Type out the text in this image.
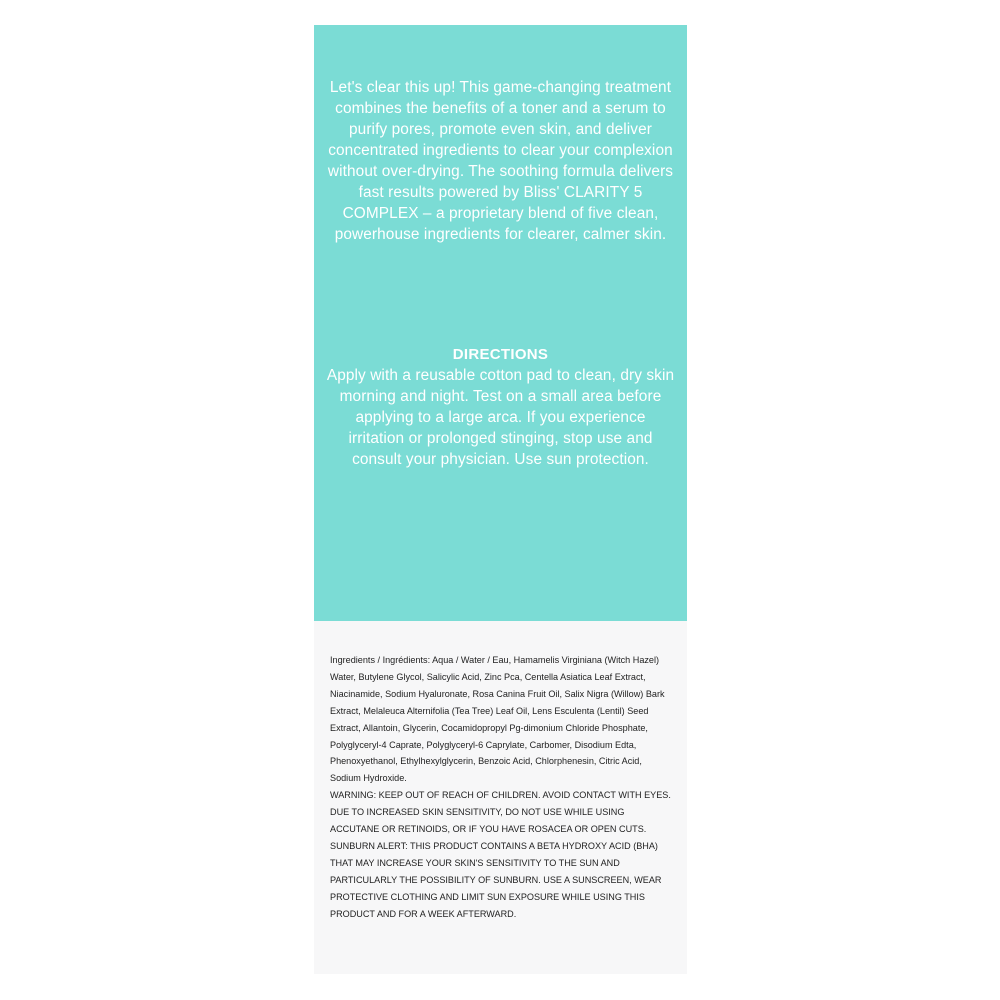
Let's clear this up! This game-changing treatment combines the benefits of a toner and a serum to purify pores, promote even skin, and deliver concentrated ingredients to clear your complexion without over-drying. The soothing formula delivers fast results powered by Bliss' CLARITY 5 COMPLEX – a proprietary blend of five clean, powerhouse ingredients for clearer, calmer skin.

DIRECTIONS

Apply with a reusable cotton pad to clean, dry skin morning and night. Test on a small area before applying to a large arca. If you experience irritation or prolonged stinging, stop use and consult your physician. Use sun protection.

Ingredients / Ingrédients: Aqua / Water / Eau, Hamamelis Virginiana (Witch Hazel) Water, Butylene Glycol, Salicylic Acid, Zinc Pca, Centella Asiatica Leaf Extract, Niacinamide, Sodium Hyaluronate, Rosa Canina Fruit Oil, Salix Nigra (Willow) Bark Extract, Melaleuca Alternifolia (Tea Tree) Leaf Oil, Lens Esculenta (Lentil) Seed Extract, Allantoin, Glycerin, Cocamidopropyl Pg-dimonium Chloride Phosphate, Polyglyceryl-4 Caprate, Polyglyceryl-6 Caprylate, Carbomer, Disodium Edta, Phenoxyethanol, Ethylhexylglycerin, Benzoic Acid, Chlorphenesin, Citric Acid, Sodium Hydroxide.

WARNING: KEEP OUT OF REACH OF CHILDREN. AVOID CONTACT WITH EYES. DUE TO INCREASED SKIN SENSITIVITY, DO NOT USE WHILE USING ACCUTANE OR RETINOIDS, OR IF YOU HAVE ROSACEA OR OPEN CUTS.

SUNBURN ALERT: THIS PRODUCT CONTAINS A BETA HYDROXY ACID (BHA) THAT MAY INCREASE YOUR SKIN'S SENSITIVITY TO THE SUN AND PARTICULARLY THE POSSIBILITY OF SUNBURN. USE A SUNSCREEN, WEAR PROTECTIVE CLOTHING AND LIMIT SUN EXPOSURE WHILE USING THIS PRODUCT AND FOR A WEEK AFTERWARD.
